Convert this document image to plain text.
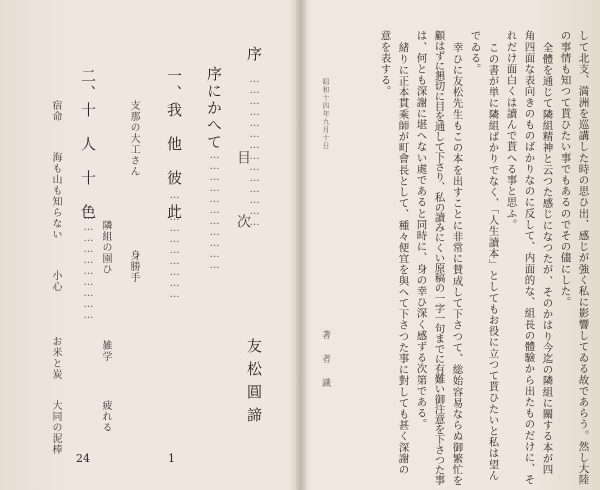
序
……………………………………
友松圓諦
序にかへて
……………………………
一、我　他　彼　此
…………………………
1
支那の大工さん
身勝手
隣組の園ひ
雑学
疲れる
二、十　人　十　色
……………………………
24
宿命
海も山も知らない
小心
お米と炭
大同の泥棒
目　次
昭和十四年九月十日
著　者　識	して北支、満洲を巡講した時の思ひ出、感じが強く私に影響してゐる故であらう。然し大陸
の事情も知つて貰ひたい事でもあるのでその儘にした。
全體を通じて隣組精神と云つた感じになつたが、そのかはり今迄の隣組に關する本が四
角四面な表向きのものばかりなのに反して、内面的な、組長の體驗から出たものだけに、そ
れだけ面白くは讀んで貰へる事と思ふ。
この書が単に隣組ばかりでなく、「人生讀本」としてもお役に立つて貰ひたいと私は望ん
でゐる。
幸ひに友松先生もこの本を出すことに非常に賛成して下さつて、総始容易ならぬ御繁忙を
顧はずに懇切に目を通して下さり、私の讀みにくい原稿の一字一句までに有難い御注意を下さつた事
は、何とも深謝に堪へない處であると同時に、身の幸ひ深く感ずる次第である。
緒りに正本貫乘師が町會長として、種々便宜を與へて下さつた事に對しても甚く深謝の
意を表する。
